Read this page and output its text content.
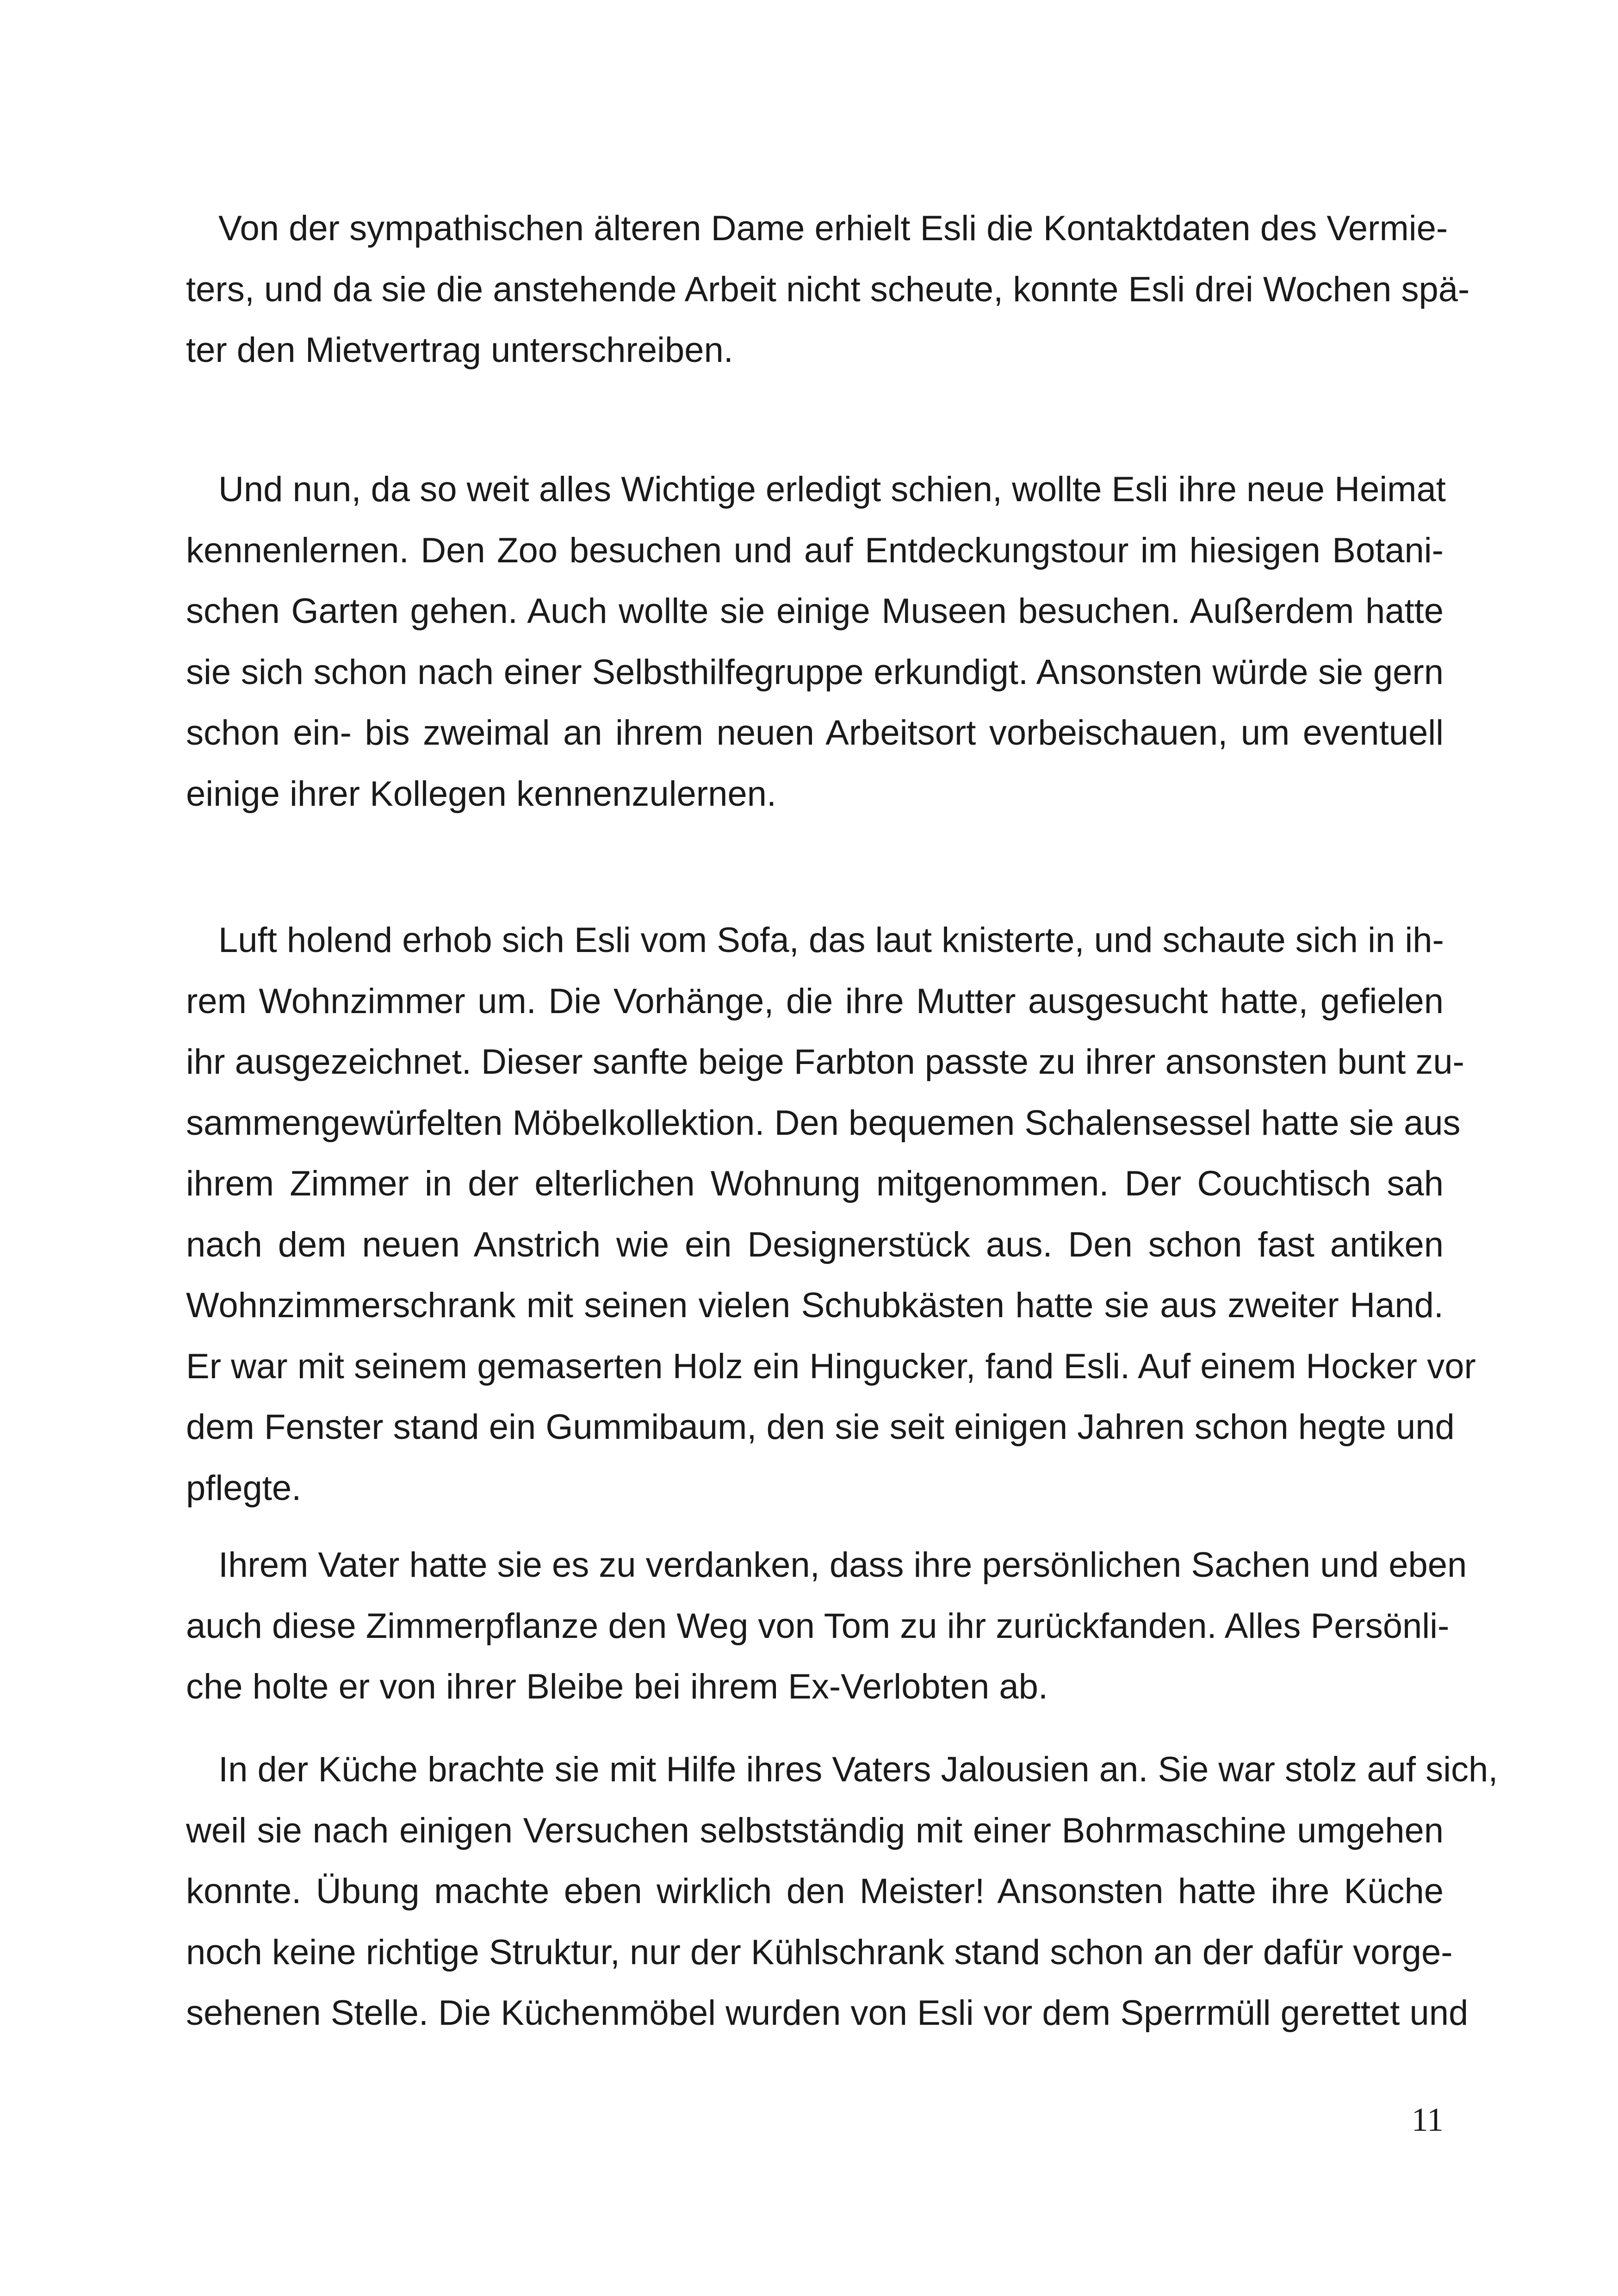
Von der sympathischen älteren Dame erhielt Esli die Kontaktdaten des Vermie-
ters, und da sie die anstehende Arbeit nicht scheute, konnte Esli drei Wochen spä-
ter den Mietvertrag unterschreiben.
Und nun, da so weit alles Wichtige erledigt schien, wollte Esli ihre neue Heimat
kennenlernen. Den Zoo besuchen und auf Entdeckungstour im hiesigen Botani-
schen Garten gehen. Auch wollte sie einige Museen besuchen. Außerdem hatte
sie sich schon nach einer Selbsthilfegruppe erkundigt. Ansonsten würde sie gern
schon ein- bis zweimal an ihrem neuen Arbeitsort vorbeischauen, um eventuell
einige ihrer Kollegen kennenzulernen.
Luft holend erhob sich Esli vom Sofa, das laut knisterte, und schaute sich in ih-
rem Wohnzimmer um. Die Vorhänge, die ihre Mutter ausgesucht hatte, gefielen
ihr ausgezeichnet. Dieser sanfte beige Farbton passte zu ihrer ansonsten bunt zu-
sammengewürfelten Möbelkollektion. Den bequemen Schalensessel hatte sie aus
ihrem Zimmer in der elterlichen Wohnung mitgenommen. Der Couchtisch sah
nach dem neuen Anstrich wie ein Designerstück aus. Den schon fast antiken
Wohnzimmerschrank mit seinen vielen Schubkästen hatte sie aus zweiter Hand.
Er war mit seinem gemaserten Holz ein Hingucker, fand Esli. Auf einem Hocker vor
dem Fenster stand ein Gummibaum, den sie seit einigen Jahren schon hegte und
pflegte.
Ihrem Vater hatte sie es zu verdanken, dass ihre persönlichen Sachen und eben
auch diese Zimmerpflanze den Weg von Tom zu ihr zurückfanden. Alles Persönli-
che holte er von ihrer Bleibe bei ihrem Ex-Verlobten ab.
In der Küche brachte sie mit Hilfe ihres Vaters Jalousien an. Sie war stolz auf sich,
weil sie nach einigen Versuchen selbstständig mit einer Bohrmaschine umgehen
konnte. Übung machte eben wirklich den Meister! Ansonsten hatte ihre Küche
noch keine richtige Struktur, nur der Kühlschrank stand schon an der dafür vorge-
sehenen Stelle. Die Küchenmöbel wurden von Esli vor dem Sperrmüll gerettet und
11
